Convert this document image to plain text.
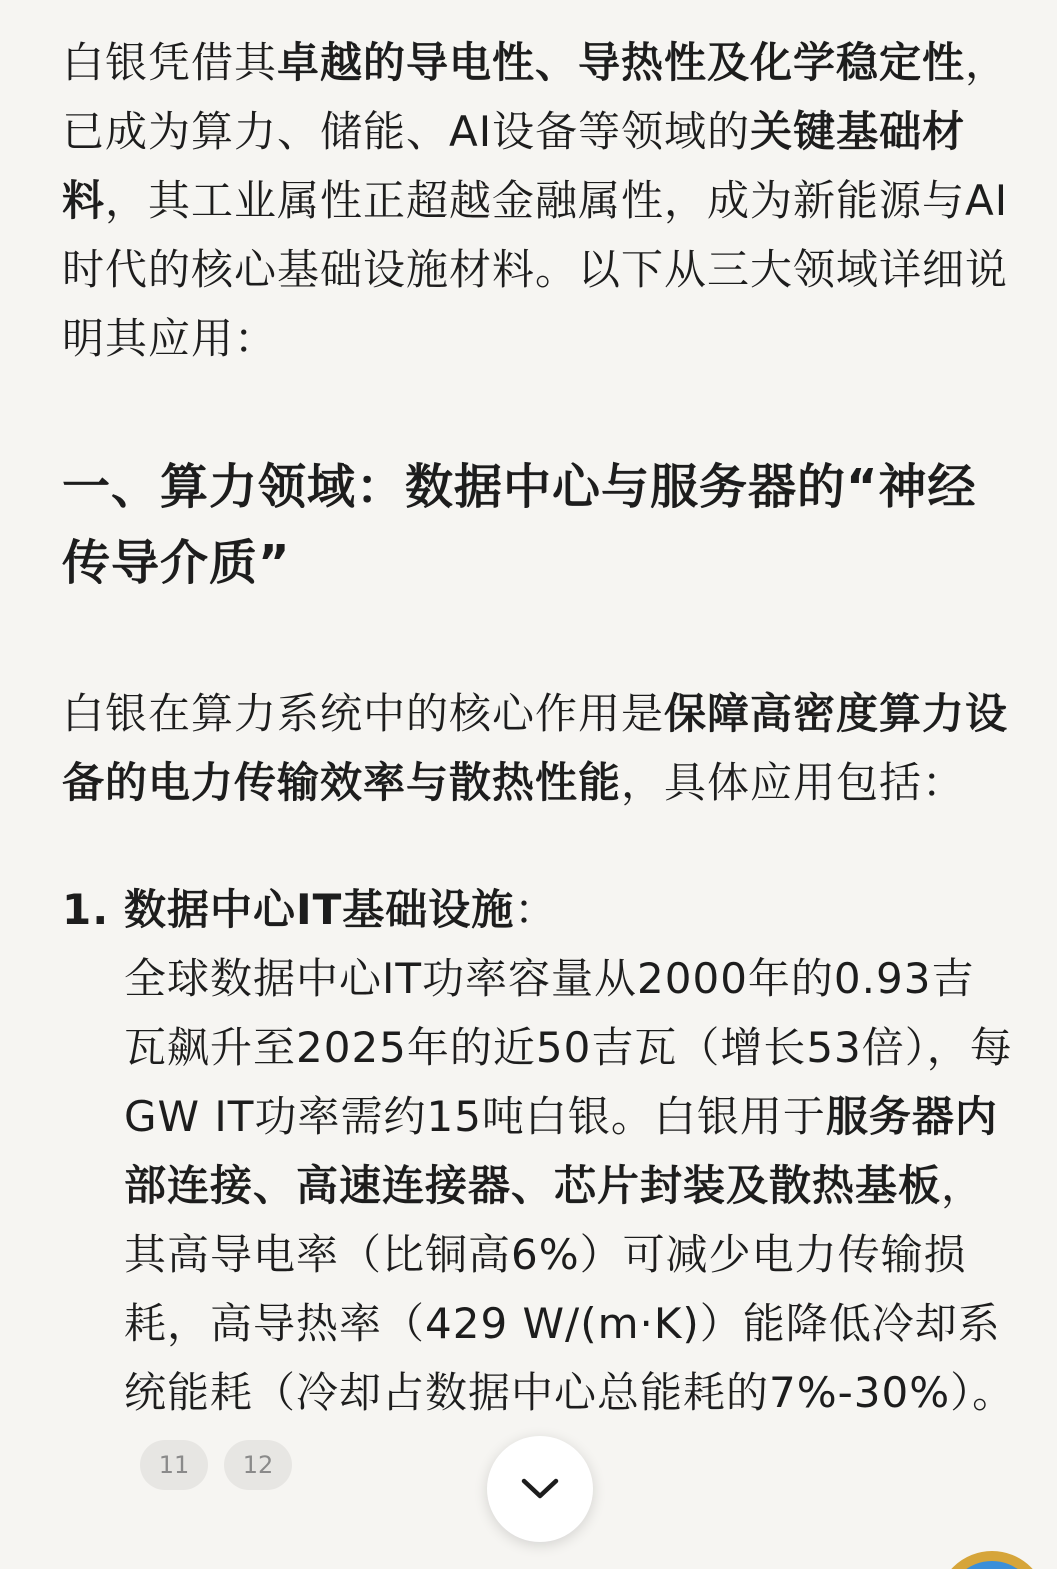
白银凭借其卓越的导电性、导热性及化学稳定性，已成为算力、储能、AI设备等领域的关键基础材料，其工业属性正超越金融属性，成为新能源与AI时代的核心基础设施材料。以下从三大领域详细说明其应用：

一、算力领域：数据中心与服务器的“神经传导介质”

白银在算力系统中的核心作用是保障高密度算力设备的电力传输效率与散热性能，具体应用包括：

1. 数据中心IT基础设施：
全球数据中心IT功率容量从2000年的0.93吉瓦飙升至2025年的近50吉瓦（增长53倍），每GW IT功率需约15吨白银。白银用于服务器内部连接、高速连接器、芯片封装及散热基板，其高导电率（比铜高6%）可减少电力传输损耗，高导热率（429 W/(m·K)）能降低冷却系统能耗（冷却占数据中心总能耗的7%-30%）。11 12
